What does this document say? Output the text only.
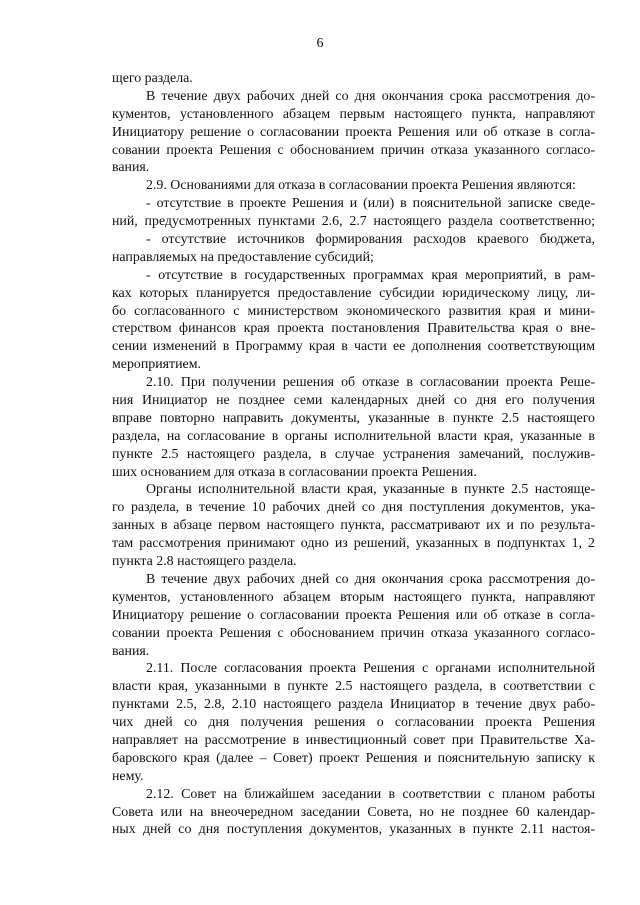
6
щего раздела.
В течение двух рабочих дней со дня окончания срока рассмотрения до-
кументов, установленного абзацем первым настоящего пункта, направляют
Инициатору решение о согласовании проекта Решения или об отказе в согла-
совании проекта Решения с обоснованием причин отказа указанного согласо-
вания.
2.9. Основаниями для отказа в согласовании проекта Решения являются:
- отсутствие в проекте Решения и (или) в пояснительной записке сведе-
ний, предусмотренных пунктами 2.6, 2.7 настоящего раздела соответственно;
- отсутствие источников формирования расходов краевого бюджета,
направляемых на предоставление субсидий;
- отсутствие в государственных программах края мероприятий, в рам-
ках которых планируется предоставление субсидии юридическому лицу, ли-
бо согласованного с министерством экономического развития края и мини-
стерством финансов края проекта постановления Правительства края о вне-
сении изменений в Программу края в части ее дополнения соответствующим
мероприятием.
2.10. При получении решения об отказе в согласовании проекта Реше-
ния Инициатор не позднее семи календарных дней со дня его получения
вправе повторно направить документы, указанные в пункте 2.5 настоящего
раздела, на согласование в органы исполнительной власти края, указанные в
пункте 2.5 настоящего раздела, в случае устранения замечаний, послужив-
ших основанием для отказа в согласовании проекта Решения.
Органы исполнительной власти края, указанные в пункте 2.5 настояще-
го раздела, в течение 10 рабочих дней со дня поступления документов, ука-
занных в абзаце первом настоящего пункта, рассматривают их и по результа-
там рассмотрения принимают одно из решений, указанных в подпунктах 1, 2
пункта 2.8 настоящего раздела.
В течение двух рабочих дней со дня окончания срока рассмотрения до-
кументов, установленного абзацем вторым настоящего пункта, направляют
Инициатору решение о согласовании проекта Решения или об отказе в согла-
совании проекта Решения с обоснованием причин отказа указанного согласо-
вания.
2.11. После согласования проекта Решения с органами исполнительной
власти края, указанными в пункте 2.5 настоящего раздела, в соответствии с
пунктами 2.5, 2.8, 2.10 настоящего раздела Инициатор в течение двух рабо-
чих дней со дня получения решения о согласовании проекта Решения
направляет на рассмотрение в инвестиционный совет при Правительстве Ха-
баровского края (далее – Совет) проект Решения и пояснительную записку к
нему.
2.12. Совет на ближайшем заседании в соответствии с планом работы
Совета или на внеочередном заседании Совета, но не позднее 60 календар-
ных дней со дня поступления документов, указанных в пункте 2.11 настоя-
